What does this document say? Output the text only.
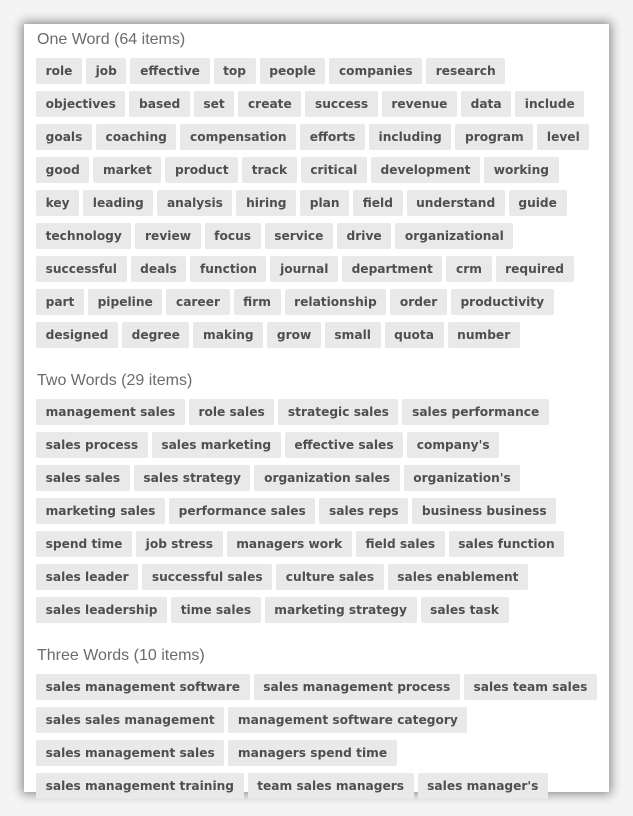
One Word (64 items)
role	job	effective	top	people	companies	research
objectives	based	set	create	success	revenue	data	include
goals	coaching	compensation	efforts	including	program	level
good	market	product	track	critical	development	working
key	leading	analysis	hiring	plan	field	understand	guide
technology	review	focus	service	drive	organizational
successful	deals	function	journal	department	crm	required
part	pipeline	career	firm	relationship	order	productivity
designed	degree	making	grow	small	quota	number
Two Words (29 items)
management sales	role sales	strategic sales	sales performance
sales process	sales marketing	effective sales	company's
sales sales	sales strategy	organization sales	organization's
marketing sales	performance sales	sales reps	business business
spend time	job stress	managers work	field sales	sales function
sales leader	successful sales	culture sales	sales enablement
sales leadership	time sales	marketing strategy	sales task
Three Words (10 items)
sales management software	sales management process	sales team sales
sales sales management	management software category
sales management sales	managers spend time
sales management training	team sales managers	sales manager's
